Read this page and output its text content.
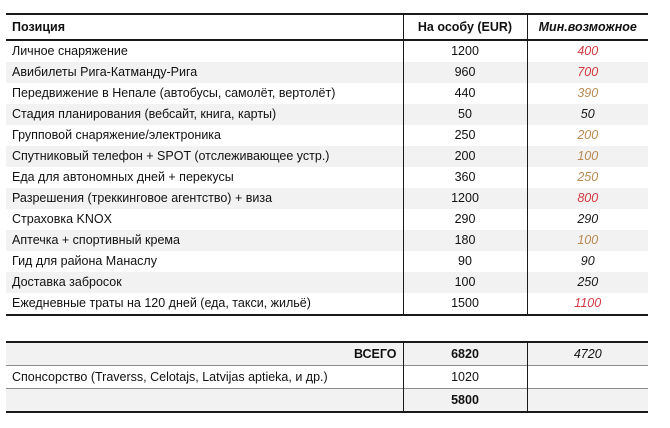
Позиция	На особу (EUR)	Мин.возможное
Личное снаряжение	1200	400
Авибилеты Рига-Катманду-Рига	960	700
Передвижение в Непале (автобусы, самолёт, вертолёт)	440	390
Стадия планирования (вебсайт, книга, карты)	50	50
Групповой снаряжение/электроника	250	200
Спутниковый телефон + SPOT (отслеживающее устр.)	200	100
Еда для автономных дней + перекусы	360	250
Разрешения (треккинговое агентство) + виза	1200	800
Страховка KNOX	290	290
Аптечка + спортивный крема	180	100
Гид для района Манаслу	90	90
Доставка забросок	100	250
Ежедневные траты на 120 дней (еда, такси, жильё)	1500	1100
ВСЕГО	6820	4720
Спонсорство (Traverss, Celotajs, Latvijas aptieka, и др.)	1020	
	5800	
